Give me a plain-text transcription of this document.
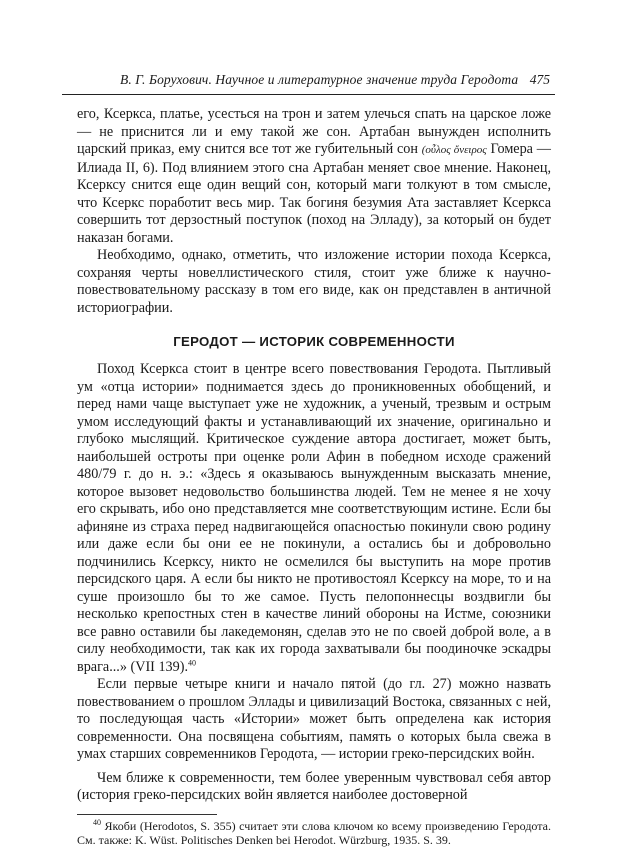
В. Г. Борухович. Научное и литературное значение труда Геродота 475

его, Ксеркса, платье, усесться на трон и затем улечься спать на царское ложе — не приснится ли и ему такой же сон. Артабан вынужден исполнить царский приказ, ему снится все тот же губительный сон (οὖλος ὄνειρος Гомера — Илиада II, 6). Под влиянием этого сна Артабан меняет свое мнение. Наконец, Ксерксу снится еще один вещий сон, который маги толкуют в том смысле, что Ксеркс поработит весь мир. Так богиня безумия Ата заставляет Ксеркса совершить тот дерзостный поступок (поход на Элладу), за который он будет наказан богами.

Необходимо, однако, отметить, что изложение истории похода Ксеркса, сохраняя черты новеллистического стиля, стоит уже ближе к научно-повествовательному рассказу в том его виде, как он представлен в античной историографии.

ГЕРОДОТ — ИСТОРИК СОВРЕМЕННОСТИ

Поход Ксеркса стоит в центре всего повествования Геродота. Пытливый ум «отца истории» поднимается здесь до проникновенных обобщений, и перед нами чаще выступает уже не художник, а ученый, трезвым и острым умом исследующий факты и устанавливающий их значение, оригинально и глубоко мыслящий. Критическое суждение автора достигает, может быть, наибольшей остроты при оценке роли Афин в победном исходе сражений 480/79 г. до н. э.: «Здесь я оказываюсь вынужденным высказать мнение, которое вызовет недовольство большинства людей. Тем не менее я не хочу его скрывать, ибо оно представляется мне соответствующим истине. Если бы афиняне из страха перед надвигающейся опасностью покинули свою родину или даже если бы они ее не покинули, а остались бы и добровольно подчинились Ксерксу, никто не осмелился бы выступить на море против персидского царя. А если бы никто не противостоял Ксерксу на море, то и на суше произошло бы то же самое. Пусть пелопоннесцы воздвигли бы несколько крепостных стен в качестве линий обороны на Истме, союзники все равно оставили бы лакедемонян, сделав это не по своей доброй воле, а в силу необходимости, так как их города захватывали бы поодиночке эскадры врага...» (VII 139).$^{40}$

Если первые четыре книги и начало пятой (до гл. 27) можно назвать повествованием о прошлом Эллады и цивилизаций Востока, связанных с ней, то последующая часть «Истории» может быть определена как история современности. Она посвящена событиям, память о которых была свежа в умах старших современников Геродота, — истории греко-персидских войн.

Чем ближе к современности, тем более уверенным чувствовал себя автор (история греко-персидских войн является наиболее достоверной

$^{40}$ Якоби (Herodotos, S. 355) считает эти слова ключом ко всему произведению Геродота. См. также: K. Wüst. Politisches Denken bei Herodot. Würzburg, 1935. S. 39.
